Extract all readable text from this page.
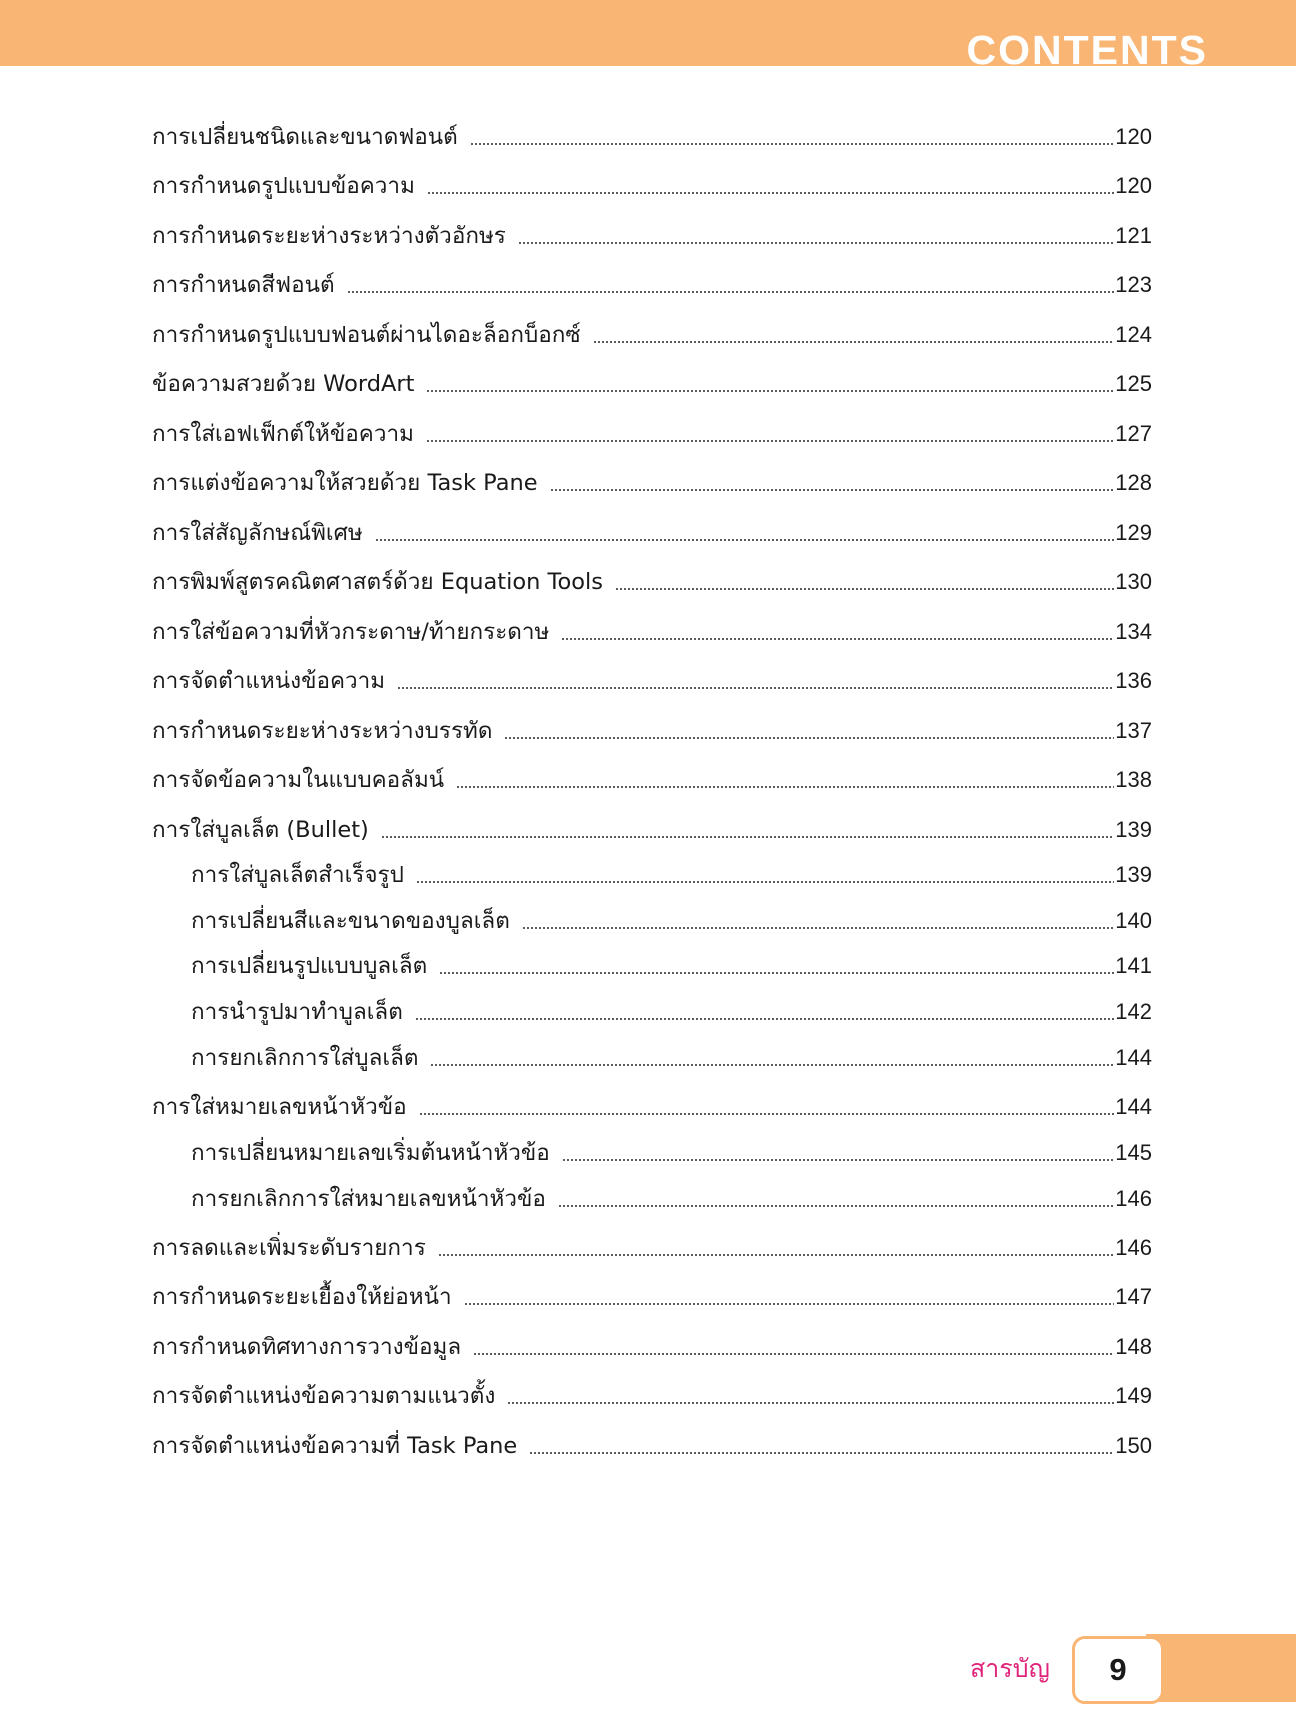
CONTENTS
การเปลี่ยนชนิดและขนาดฟอนต์	120
การกำหนดรูปแบบข้อความ	120
การกำหนดระยะห่างระหว่างตัวอักษร	121
การกำหนดสีฟอนต์	123
การกำหนดรูปแบบฟอนต์ผ่านไดอะล็อกบ็อกซ์	124
ข้อความสวยด้วย WordArt	125
การใส่เอฟเฟ็กต์ให้ข้อความ	127
การแต่งข้อความให้สวยด้วย Task Pane	128
การใส่สัญลักษณ์พิเศษ	129
การพิมพ์สูตรคณิตศาสตร์ด้วย Equation Tools	130
การใส่ข้อความที่หัวกระดาษ/ท้ายกระดาษ	134
การจัดตำแหน่งข้อความ	136
การกำหนดระยะห่างระหว่างบรรทัด	137
การจัดข้อความในแบบคอลัมน์	138
การใส่บูลเล็ต (Bullet)	139
การใส่บูลเล็ตสำเร็จรูป	139
การเปลี่ยนสีและขนาดของบูลเล็ต	140
การเปลี่ยนรูปแบบบูลเล็ต	141
การนำรูปมาทำบูลเล็ต	142
การยกเลิกการใส่บูลเล็ต	144
การใส่หมายเลขหน้าหัวข้อ	144
การเปลี่ยนหมายเลขเริ่มต้นหน้าหัวข้อ	145
การยกเลิกการใส่หมายเลขหน้าหัวข้อ	146
การลดและเพิ่มระดับรายการ	146
การกำหนดระยะเยื้องให้ย่อหน้า	147
การกำหนดทิศทางการวางข้อมูล	148
การจัดตำแหน่งข้อความตามแนวตั้ง	149
การจัดตำแหน่งข้อความที่ Task Pane	150
สารบัญ 9
